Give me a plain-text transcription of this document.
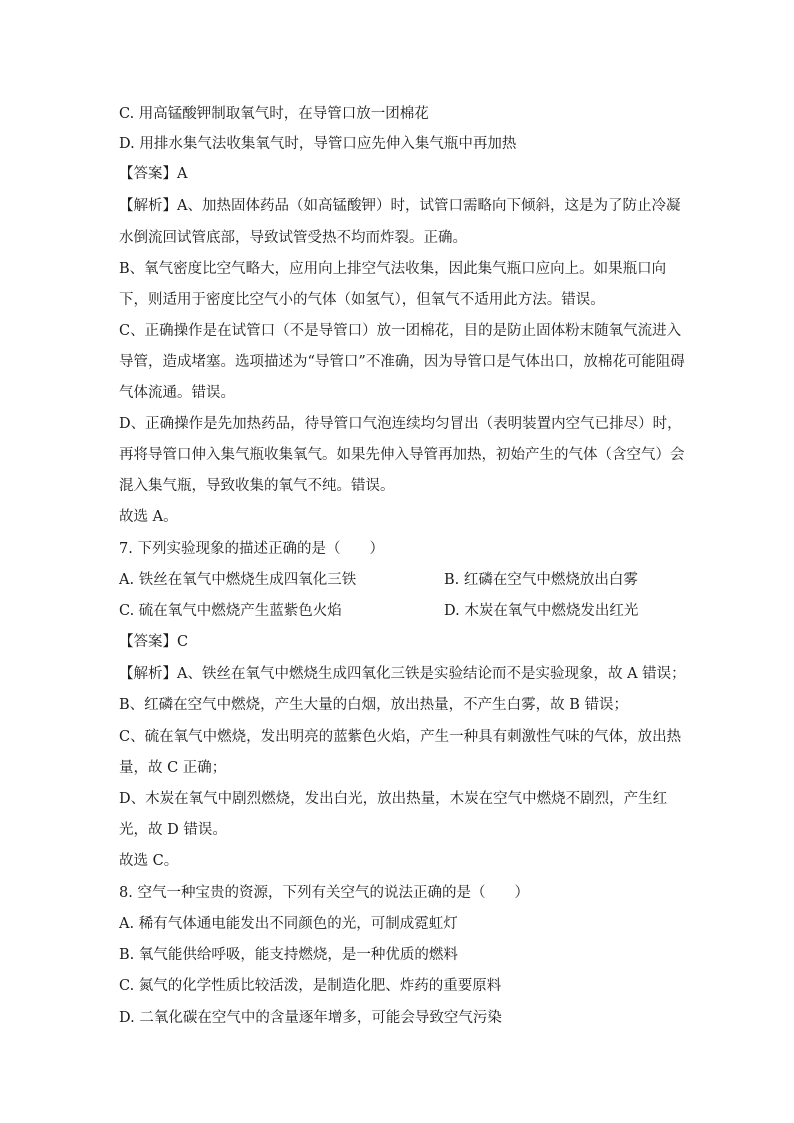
C. 用高锰酸钾制取氧气时，在导管口放一团棉花
D. 用排水集气法收集氧气时，导管口应先伸入集气瓶中再加热
【答案】A
【解析】A、加热固体药品（如高锰酸钾）时，试管口需略向下倾斜，这是为了防止冷凝
水倒流回试管底部，导致试管受热不均而炸裂。正确。
B、氧气密度比空气略大，应用向上排空气法收集，因此集气瓶口应向上。如果瓶口向
下，则适用于密度比空气小的气体（如氢气），但氧气不适用此方法。错误。
C、正确操作是在试管口（不是导管口）放一团棉花，目的是防止固体粉末随氧气流进入
导管，造成堵塞。选项描述为“导管口”不准确，因为导管口是气体出口，放棉花可能阻碍
气体流通。错误。
D、正确操作是先加热药品，待导管口气泡连续均匀冒出（表明装置内空气已排尽）时，
再将导管口伸入集气瓶收集氧气。如果先伸入导管再加热，初始产生的气体（含空气）会
混入集气瓶，导致收集的氧气不纯。错误。
故选 A。
7. 下列实验现象的描述正确的是（　　）
A. 铁丝在氧气中燃烧生成四氧化三铁	B. 红磷在空气中燃烧放出白雾
C. 硫在氧气中燃烧产生蓝紫色火焰	D. 木炭在氧气中燃烧发出红光
【答案】C
【解析】A、铁丝在氧气中燃烧生成四氧化三铁是实验结论而不是实验现象，故 A 错误；
B、红磷在空气中燃烧，产生大量的白烟，放出热量，不产生白雾，故 B 错误；
C、硫在氧气中燃烧，发出明亮的蓝紫色火焰，产生一种具有刺激性气味的气体，放出热
量，故 C 正确；
D、木炭在氧气中剧烈燃烧，发出白光，放出热量，木炭在空气中燃烧不剧烈，产生红
光，故 D 错误。
故选 C。
8. 空气一种宝贵的资源，下列有关空气的说法正确的是（　　）
A. 稀有气体通电能发出不同颜色的光，可制成霓虹灯
B. 氧气能供给呼吸，能支持燃烧，是一种优质的燃料
C. 氮气的化学性质比较活泼，是制造化肥、炸药的重要原料
D. 二氧化碳在空气中的含量逐年增多，可能会导致空气污染
